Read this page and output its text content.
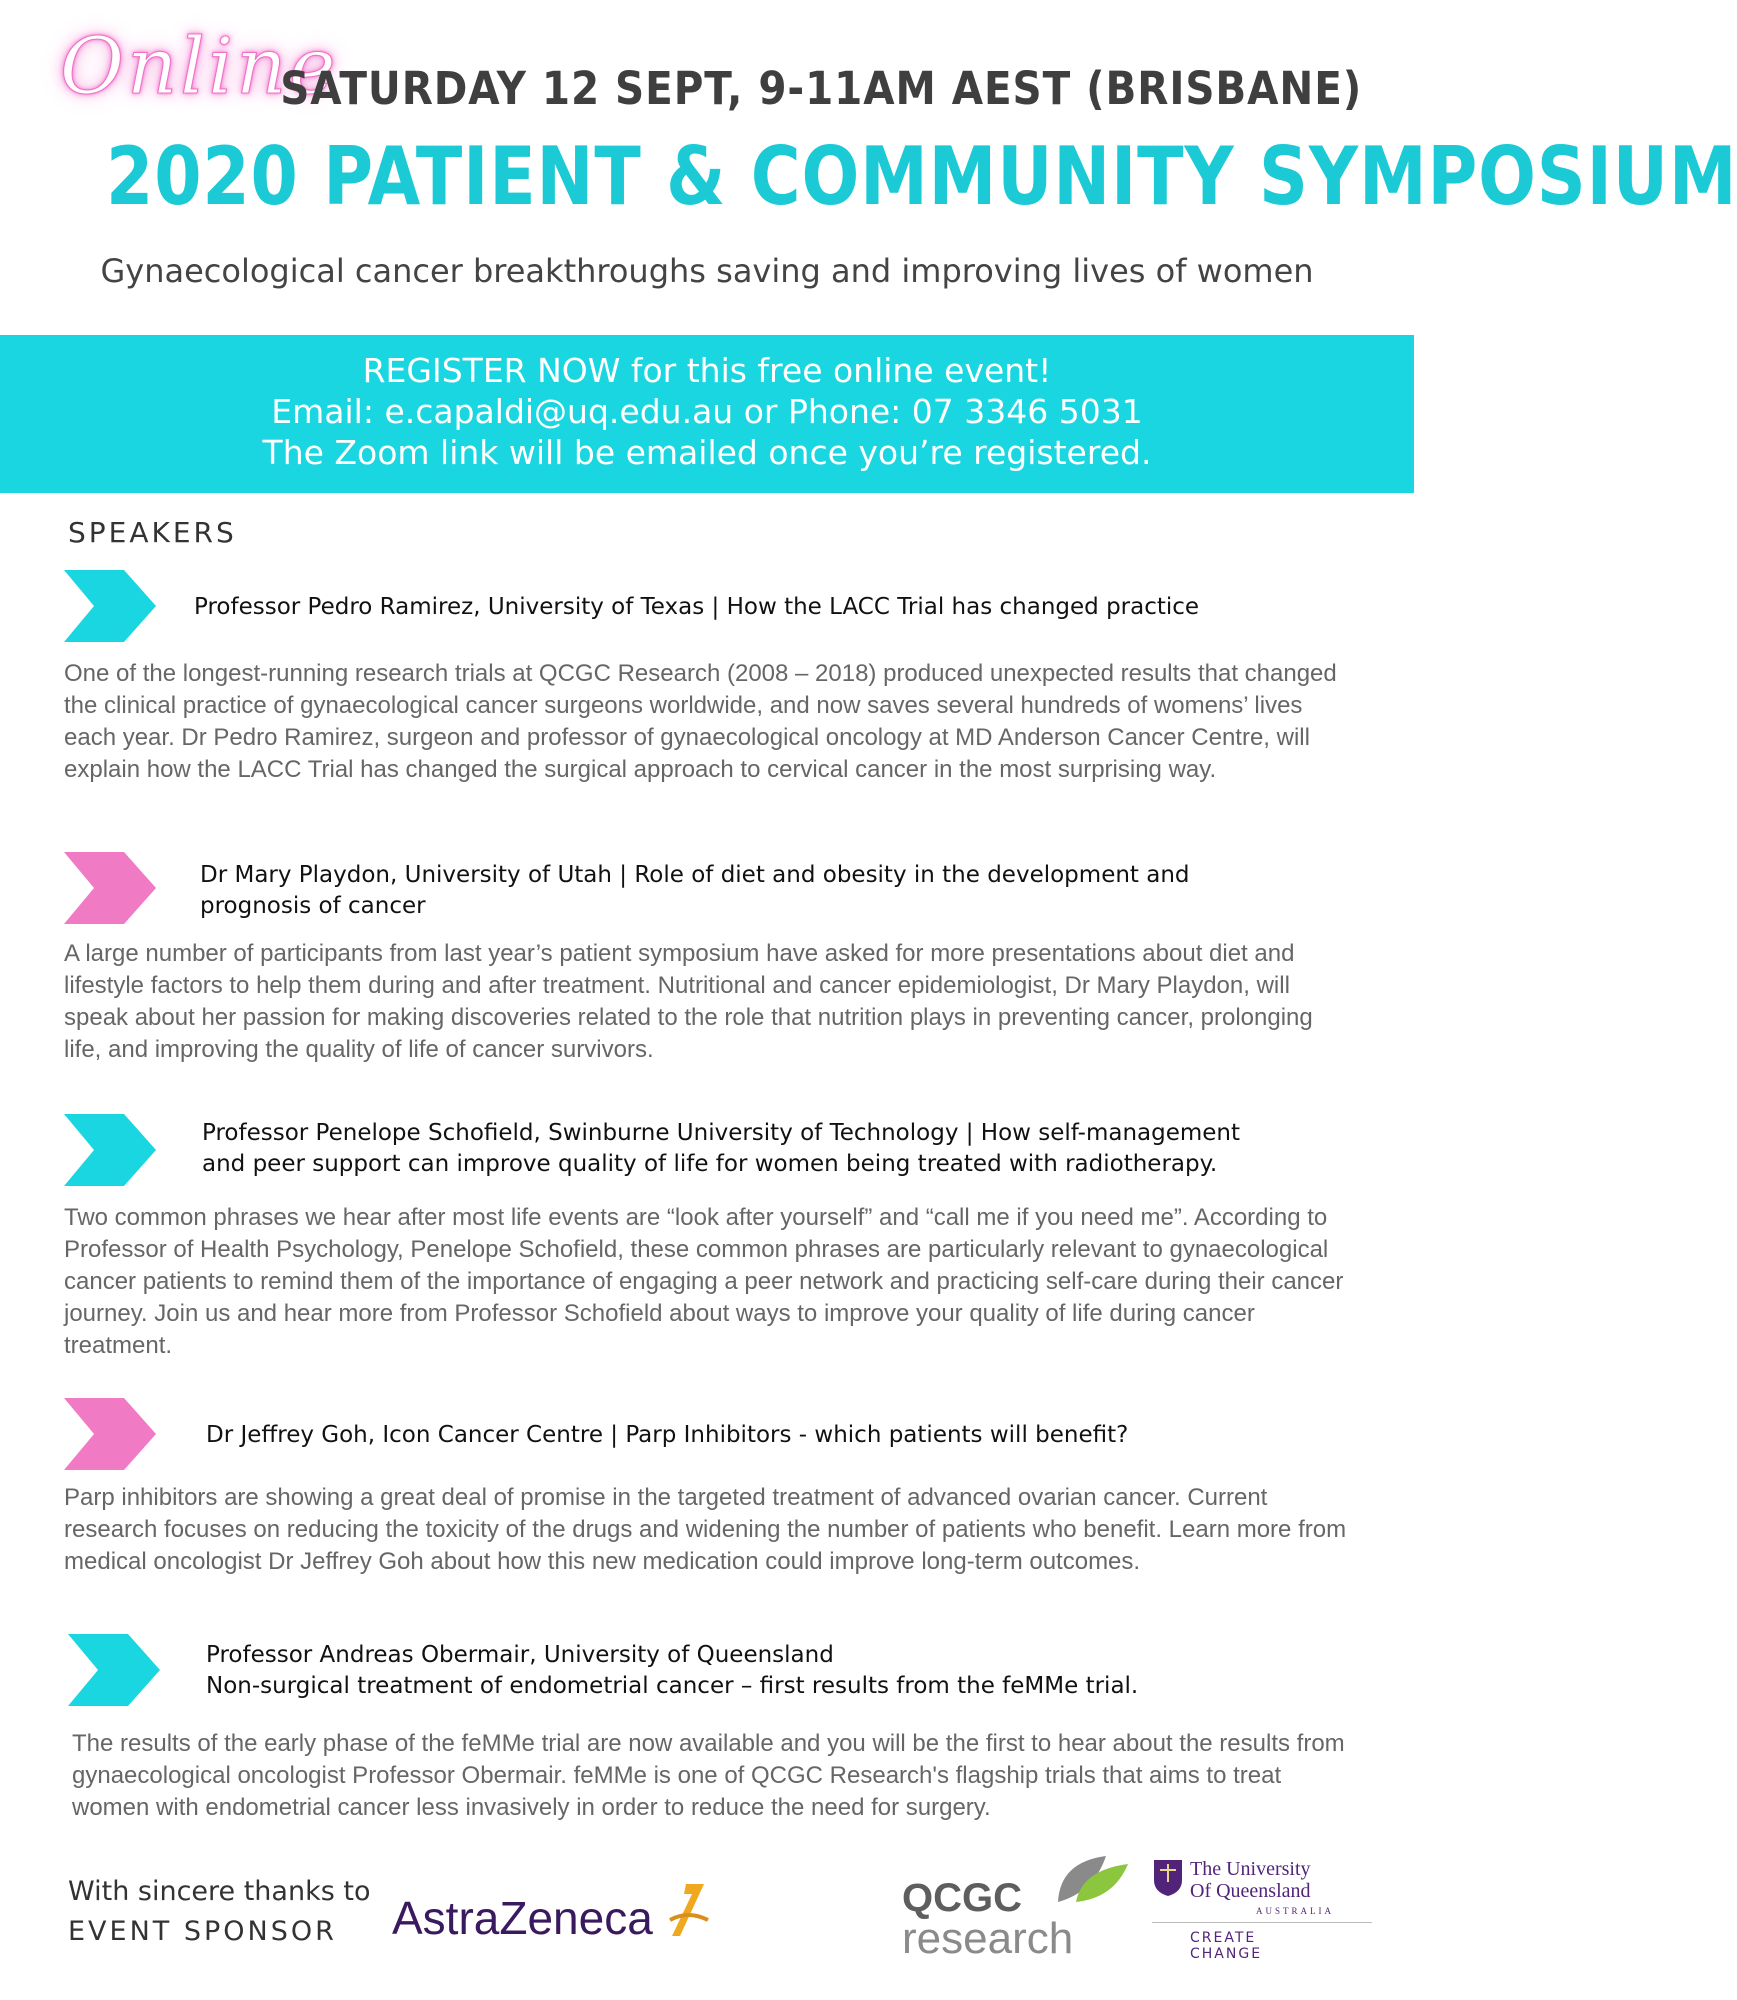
Online
SATURDAY 12 SEPT, 9-11AM AEST (BRISBANE)
2020 PATIENT & COMMUNITY SYMPOSIUM
Gynaecological cancer breakthroughs saving and improving lives of women
REGISTER NOW for this free online event!
Email: e.capaldi@uq.edu.au or Phone: 07 3346 5031
The Zoom link will be emailed once you’re registered.
SPEAKERS
Professor Pedro Ramirez, University of Texas | How the LACC Trial has changed practice
One of the longest-running research trials at QCGC Research (2008 – 2018) produced unexpected results that changed the clinical practice of gynaecological cancer surgeons worldwide, and now saves several hundreds of womens’ lives each year. Dr Pedro Ramirez, surgeon and professor of gynaecological oncology at MD Anderson Cancer Centre, will explain how the LACC Trial has changed the surgical approach to cervical cancer in the most surprising way.
Dr Mary Playdon, University of Utah | Role of diet and obesity in the development and
prognosis of cancer
A large number of participants from last year’s patient symposium have asked for more presentations about diet and lifestyle factors to help them during and after treatment. Nutritional and cancer epidemiologist, Dr Mary Playdon, will speak about her passion for making discoveries related to the role that nutrition plays in preventing cancer, prolonging life, and improving the quality of life of cancer survivors.
Professor Penelope Schofield, Swinburne University of Technology | How self-management
and peer support can improve quality of life for women being treated with radiotherapy.
Two common phrases we hear after most life events are “look after yourself” and “call me if you need me”. According to Professor of Health Psychology, Penelope Schofield, these common phrases are particularly relevant to gynaecological cancer patients to remind them of the importance of engaging a peer network and practicing self-care during their cancer journey. Join us and hear more from Professor Schofield about ways to improve your quality of life during cancer treatment.
Dr Jeffrey Goh, Icon Cancer Centre | Parp Inhibitors - which patients will benefit?
Parp inhibitors are showing a great deal of promise in the targeted treatment of advanced ovarian cancer. Current research focuses on reducing the toxicity of the drugs and widening the number of patients who benefit. Learn more from medical oncologist Dr Jeffrey Goh about how this new medication could improve long-term outcomes.
Professor Andreas Obermair, University of Queensland
Non-surgical treatment of endometrial cancer – first results from the feMMe trial.
The results of the early phase of the feMMe trial are now available and you will be the first to hear about the results from gynaecological oncologist Professor Obermair. feMMe is one of QCGC Research's flagship trials that aims to treat women with endometrial cancer less invasively in order to reduce the need for surgery.
With sincere thanks to
EVENT SPONSOR	AstraZeneca	QCGC
research
The University
Of Queensland
AUSTRALIA
CREATE CHANGE
